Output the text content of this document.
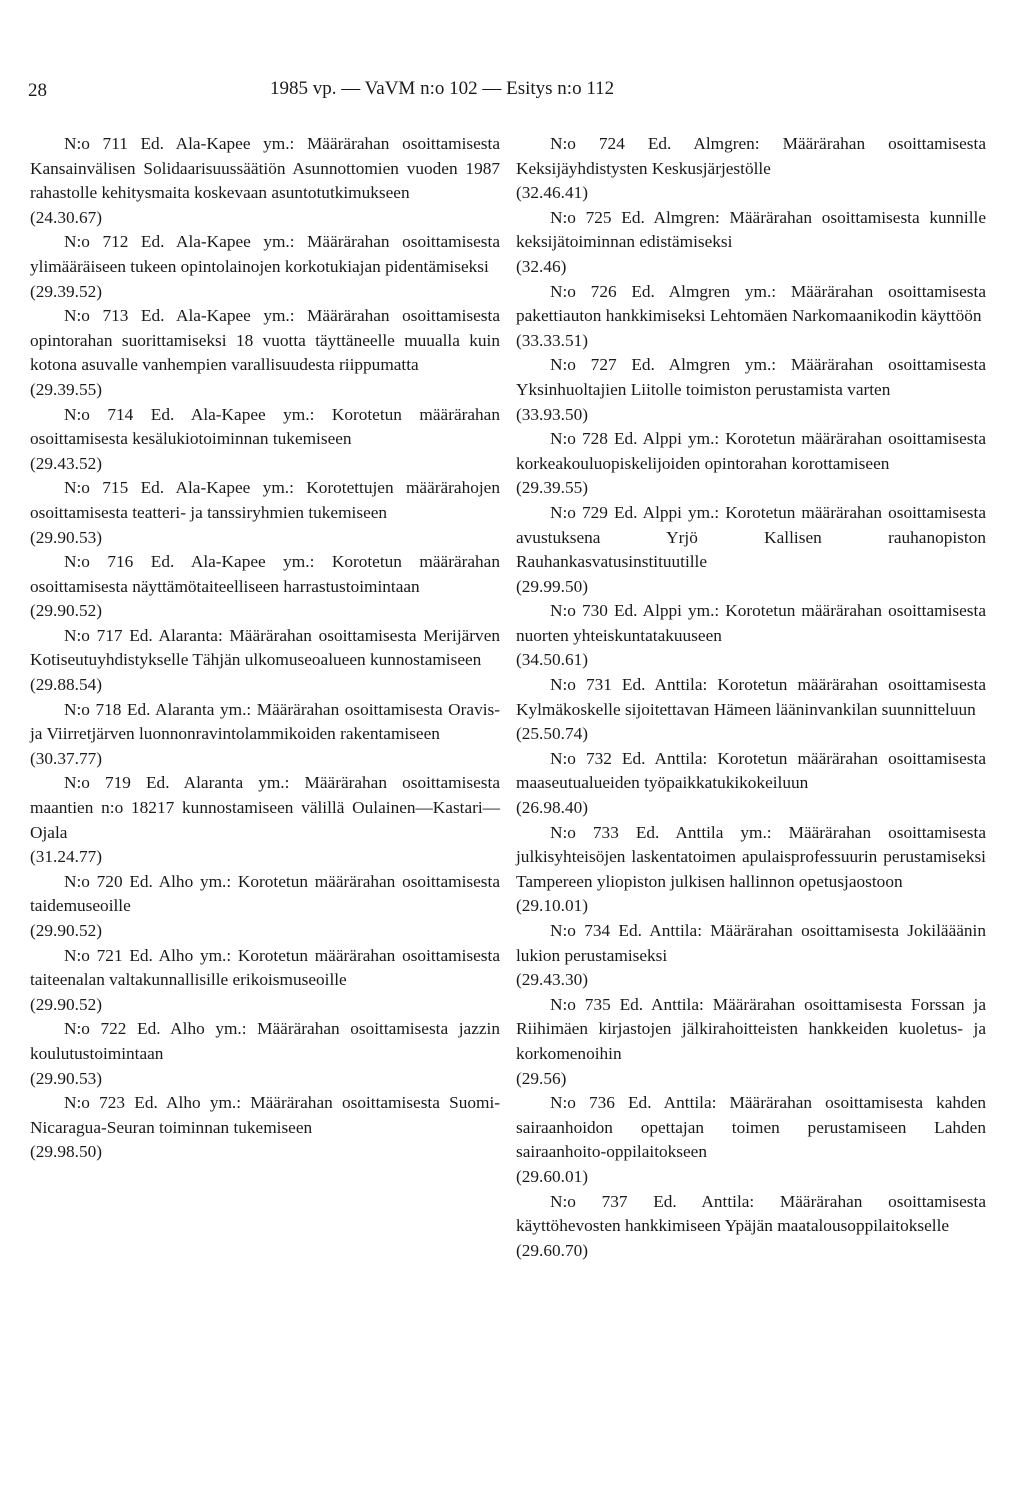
28	1985 vp. — VaVM n:o 102 — Esitys n:o 112
N:o 711 Ed. Ala-Kapee ym.: Määrärahan osoittamisesta Kansainvälisen Solidaarisuussäätiön Asunnottomien vuoden 1987 rahastolle kehitysmaita koskevaan asuntotutkimukseen
(24.30.67)
N:o 712 Ed. Ala-Kapee ym.: Määrärahan osoittamisesta ylimääräiseen tukeen opintolainojen korkotukiajan pidentämiseksi
(29.39.52)
N:o 713 Ed. Ala-Kapee ym.: Määrärahan osoittamisesta opintorahan suorittamiseksi 18 vuotta täyttäneelle muualla kuin kotona asuvalle vanhempien varallisuudesta riippumatta
(29.39.55)
N:o 714 Ed. Ala-Kapee ym.: Korotetun määrärahan osoittamisesta kesälukiotoiminnan tukemiseen
(29.43.52)
N:o 715 Ed. Ala-Kapee ym.: Korotettujen määrärahojen osoittamisesta teatteri- ja tanssiryhmien tukemiseen
(29.90.53)
N:o 716 Ed. Ala-Kapee ym.: Korotetun määrärahan osoittamisesta näyttämötaiteelliseen harrastustoimintaan
(29.90.52)
N:o 717 Ed. Alaranta: Määrärahan osoittamisesta Merijärven Kotiseutuyhdistykselle Tähjän ulkomuseoalueen kunnostamiseen
(29.88.54)
N:o 718 Ed. Alaranta ym.: Määrärahan osoittamisesta Oravis- ja Viirretjärven luonnonravintolammikoiden rakentamiseen
(30.37.77)
N:o 719 Ed. Alaranta ym.: Määrärahan osoittamisesta maantien n:o 18217 kunnostamiseen välillä Oulainen—Kastari—Ojala
(31.24.77)
N:o 720 Ed. Alho ym.: Korotetun määrärahan osoittamisesta taidemuseoille
(29.90.52)
N:o 721 Ed. Alho ym.: Korotetun määrärahan osoittamisesta taiteenalan valtakunnallisille erikoismuseoille
(29.90.52)
N:o 722 Ed. Alho ym.: Määrärahan osoittamisesta jazzin koulutustoimintaan
(29.90.53)
N:o 723 Ed. Alho ym.: Määrärahan osoittamisesta Suomi-Nicaragua-Seuran toiminnan tukemiseen
(29.98.50)
N:o 724 Ed. Almgren: Määrärahan osoittamisesta Keksijäyhdistysten Keskusjärjestölle
(32.46.41)
N:o 725 Ed. Almgren: Määrärahan osoittamisesta kunnille keksijätoiminnan edistämiseksi
(32.46)
N:o 726 Ed. Almgren ym.: Määrärahan osoittamisesta pakettiauton hankkimiseksi Lehtomäen Narkomaanikodin käyttöön
(33.33.51)
N:o 727 Ed. Almgren ym.: Määrärahan osoittamisesta Yksinhuoltajien Liitolle toimiston perustamista varten
(33.93.50)
N:o 728 Ed. Alppi ym.: Korotetun määrärahan osoittamisesta korkeakouluopiskelijoiden opintorahan korottamiseen
(29.39.55)
N:o 729 Ed. Alppi ym.: Korotetun määrärahan osoittamisesta avustuksena Yrjö Kallisen rauhanopiston Rauhankasvatusinstituutille
(29.99.50)
N:o 730 Ed. Alppi ym.: Korotetun määrärahan osoittamisesta nuorten yhteiskuntatakuuseen
(34.50.61)
N:o 731 Ed. Anttila: Korotetun määrärahan osoittamisesta Kylmäkoskelle sijoitettavan Hämeen lääninvankilan suunnitteluun
(25.50.74)
N:o 732 Ed. Anttila: Korotetun määrärahan osoittamisesta maaseutualueiden työpaikkatukikokeiluun
(26.98.40)
N:o 733 Ed. Anttila ym.: Määrärahan osoittamisesta julkisyhteisöjen laskentatoimen apulaisprofessuurin perustamiseksi Tampereen yliopiston julkisen hallinnon opetusjaostoon
(29.10.01)
N:o 734 Ed. Anttila: Määrärahan osoittamisesta Jokilääänin lukion perustamiseksi
(29.43.30)
N:o 735 Ed. Anttila: Määrärahan osoittamisesta Forssan ja Riihimäen kirjastojen jälkirahoitteisten hankkeiden kuoletus- ja korkomenoihin
(29.56)
N:o 736 Ed. Anttila: Määrärahan osoittamisesta kahden sairaanhoidon opettajan toimen perustamiseen Lahden sairaanhoito-oppilaitokseen
(29.60.01)
N:o 737 Ed. Anttila: Määrärahan osoittamisesta käyttöhevosten hankkimiseen Ypäjän maatalousoppilaitokselle
(29.60.70)
